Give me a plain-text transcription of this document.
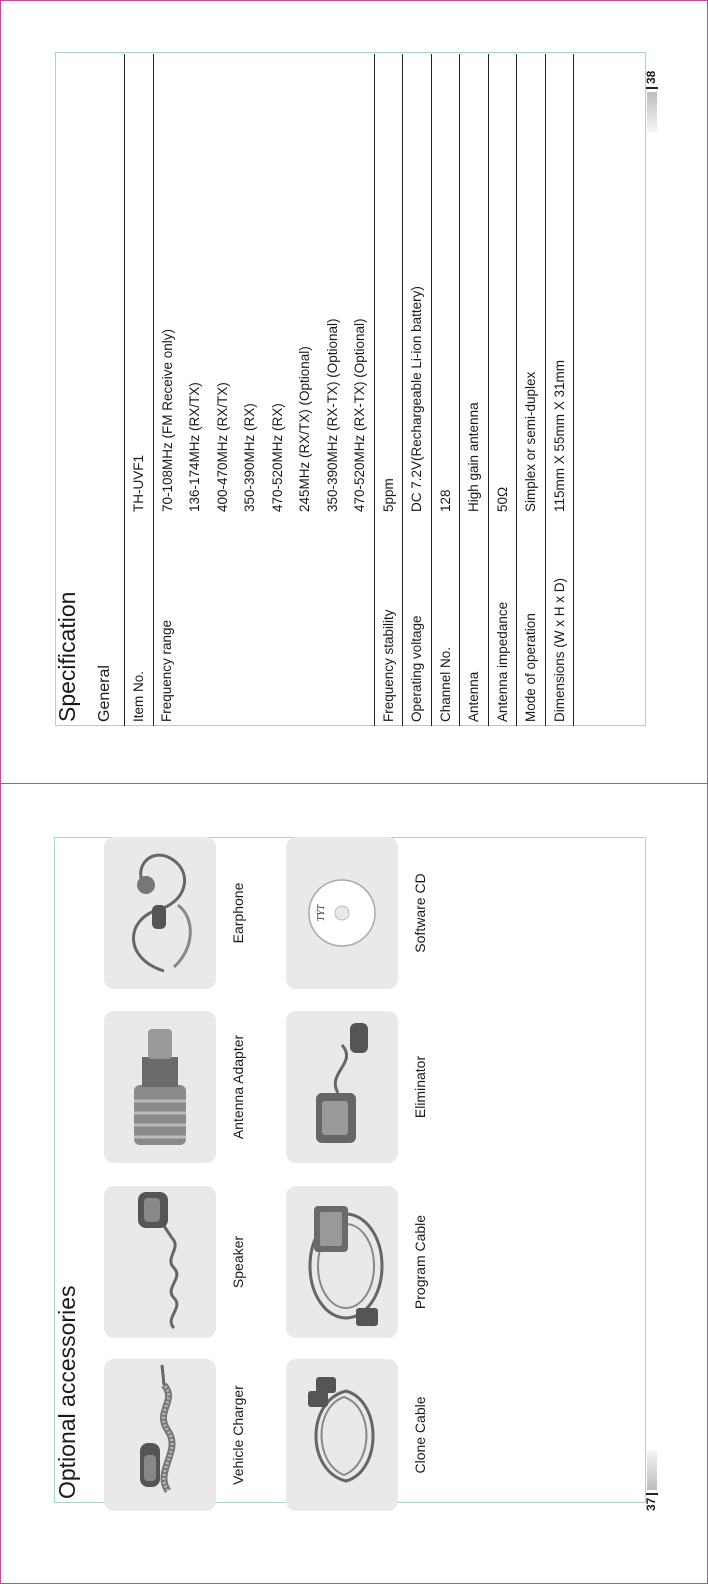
Optional accessories	Vehicle Charger
Speaker
Antenna Adapter
Earphone
Clone Cable
Program Cable
Eliminator
TYT	Software CD
37
Specification General Item No.	TH-UVF1
Frequency range	70-108MHz (FM Receive only)
	136-174MHz (RX/TX)
	400-470MHz (RX/TX)
	350-390MHz (RX)
	470-520MHz (RX)
	245MHz (RX/TX) (Optional)
	350-390MHz (RX-TX) (Optional)
	470-520MHz (RX-TX) (Optional)
Frequency stability	5ppm
Operating voltage	DC 7.2V(Rechargeable Li-ion battery)
Channel No.	128
Antenna	High gain antenna
Antenna impedance	50Ω
Mode of operation	Simplex or semi-duplex
Dimensions (W x H x D)	115mm X 55mm X 31mm
38
